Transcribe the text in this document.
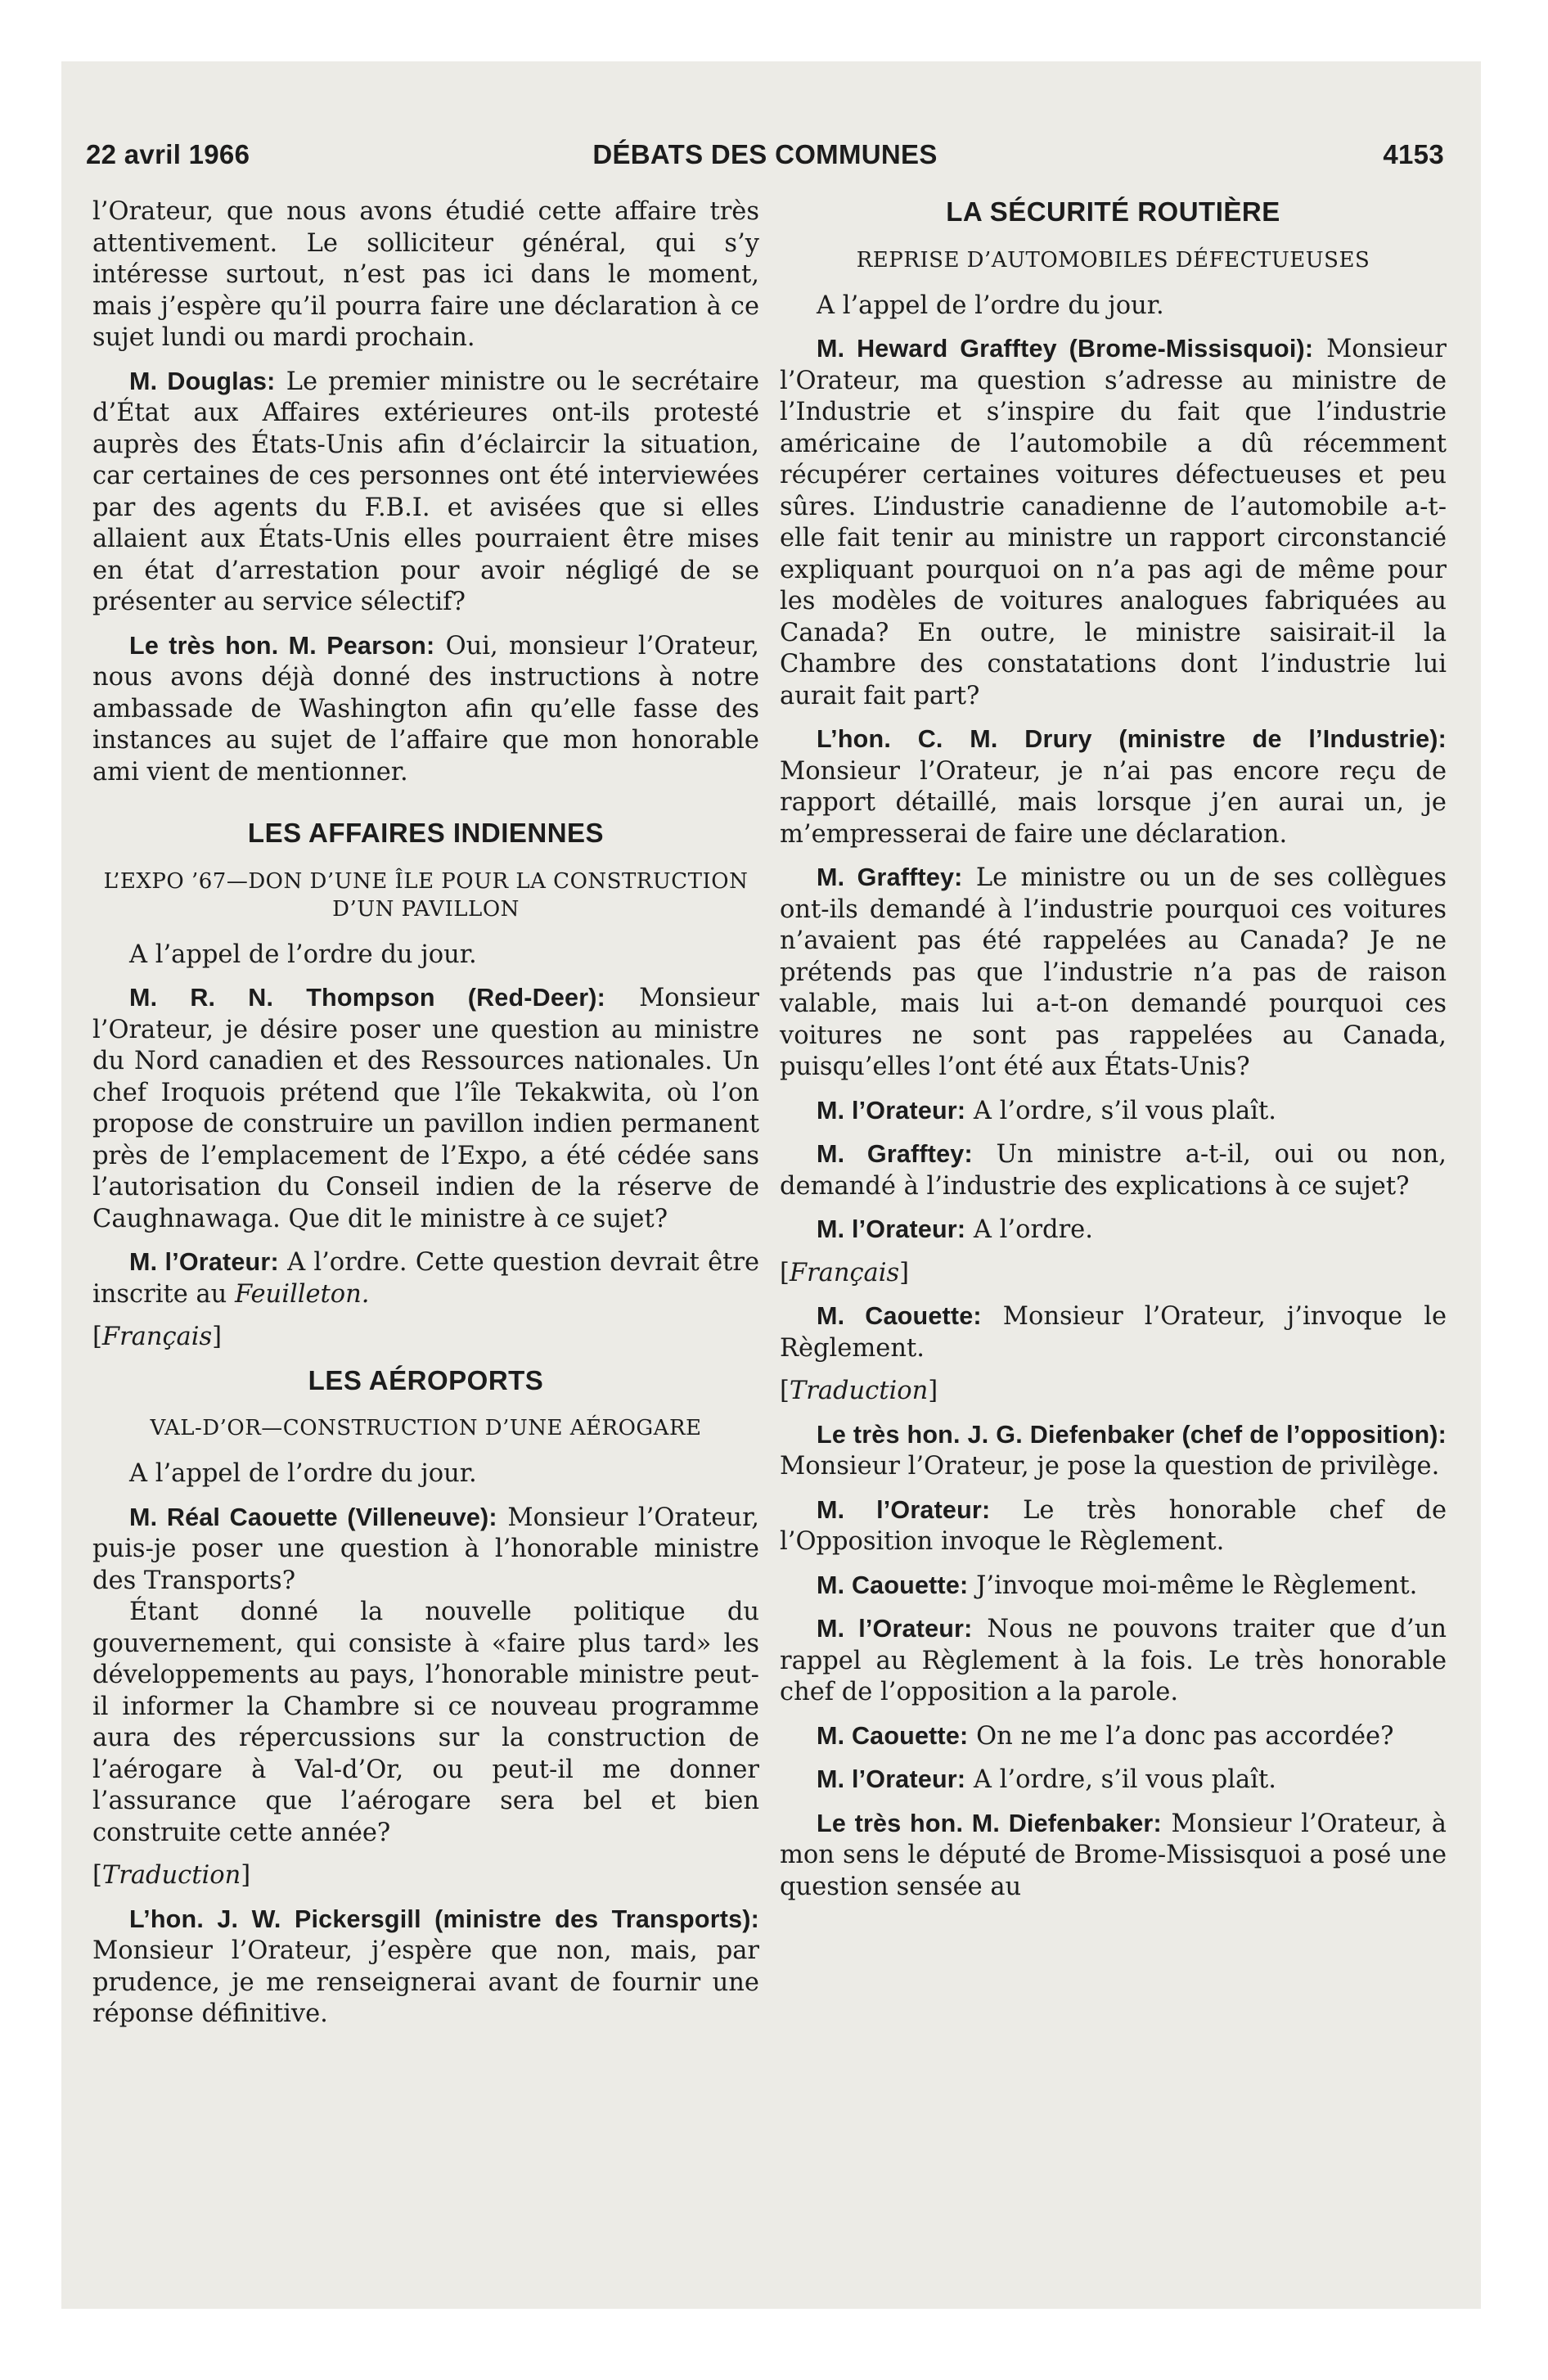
22 avril 1966	DÉBATS DES COMMUNES	4153

l’Orateur, que nous avons étudié cette affaire très attentivement. Le solliciteur général, qui s’y intéresse surtout, n’est pas ici dans le moment, mais j’espère qu’il pourra faire une déclaration à ce sujet lundi ou mardi prochain.

M. Douglas: Le premier ministre ou le secrétaire d’État aux Affaires extérieures ont-ils protesté auprès des États-Unis afin d’éclaircir la situation, car certaines de ces personnes ont été interviewées par des agents du F.B.I. et avisées que si elles allaient aux États-Unis elles pourraient être mises en état d’arrestation pour avoir négligé de se présenter au service sélectif?

Le très hon. M. Pearson: Oui, monsieur l’Orateur, nous avons déjà donné des instructions à notre ambassade de Washington afin qu’elle fasse des instances au sujet de l’affaire que mon honorable ami vient de mentionner.

LES AFFAIRES INDIENNES
L’EXPO ’67—DON D’UNE ÎLE POUR LA CONSTRUCTION D’UN PAVILLON

A l’appel de l’ordre du jour.

M. R. N. Thompson (Red-Deer): Monsieur l’Orateur, je désire poser une question au ministre du Nord canadien et des Ressources nationales. Un chef Iroquois prétend que l’île Tekakwita, où l’on propose de construire un pavillon indien permanent près de l’emplacement de l’Expo, a été cédée sans l’autorisation du Conseil indien de la réserve de Caughnawaga. Que dit le ministre à ce sujet?

M. l’Orateur: A l’ordre. Cette question devrait être inscrite au Feuilleton.

[Français]

LES AÉROPORTS
VAL-D’OR—CONSTRUCTION D’UNE AÉROGARE

A l’appel de l’ordre du jour.

M. Réal Caouette (Villeneuve): Monsieur l’Orateur, puis-je poser une question à l’honorable ministre des Transports?

Étant donné la nouvelle politique du gouvernement, qui consiste à «faire plus tard» les développements au pays, l’honorable ministre peut-il informer la Chambre si ce nouveau programme aura des répercussions sur la construction de l’aérogare à Val-d’Or, ou peut-il me donner l’assurance que l’aérogare sera bel et bien construite cette année?

[Traduction]

L’hon. J. W. Pickersgill (ministre des Transports): Monsieur l’Orateur, j’espère que non, mais, par prudence, je me renseignerai avant de fournir une réponse définitive.

LA SÉCURITÉ ROUTIÈRE
REPRISE D’AUTOMOBILES DÉFECTUEUSES

A l’appel de l’ordre du jour.

M. Heward Grafftey (Brome-Missisquoi): Monsieur l’Orateur, ma question s’adresse au ministre de l’Industrie et s’inspire du fait que l’industrie américaine de l’automobile a dû récemment récupérer certaines voitures défectueuses et peu sûres. L’industrie canadienne de l’automobile a-t-elle fait tenir au ministre un rapport circonstancié expliquant pourquoi on n’a pas agi de même pour les modèles de voitures analogues fabriquées au Canada? En outre, le ministre saisirait-il la Chambre des constatations dont l’industrie lui aurait fait part?

L’hon. C. M. Drury (ministre de l’Industrie): Monsieur l’Orateur, je n’ai pas encore reçu de rapport détaillé, mais lorsque j’en aurai un, je m’empresserai de faire une déclaration.

M. Grafftey: Le ministre ou un de ses collègues ont-ils demandé à l’industrie pourquoi ces voitures n’avaient pas été rappelées au Canada? Je ne prétends pas que l’industrie n’a pas de raison valable, mais lui a-t-on demandé pourquoi ces voitures ne sont pas rappelées au Canada, puisqu’elles l’ont été aux États-Unis?

M. l’Orateur: A l’ordre, s’il vous plaît.

M. Grafftey: Un ministre a-t-il, oui ou non, demandé à l’industrie des explications à ce sujet?

M. l’Orateur: A l’ordre.

[Français]

M. Caouette: Monsieur l’Orateur, j’invoque le Règlement.

[Traduction]

Le très hon. J. G. Diefenbaker (chef de l’opposition): Monsieur l’Orateur, je pose la question de privilège.

M. l’Orateur: Le très honorable chef de l’Opposition invoque le Règlement.

M. Caouette: J’invoque moi-même le Règlement.

M. l’Orateur: Nous ne pouvons traiter que d’un rappel au Règlement à la fois. Le très honorable chef de l’opposition a la parole.

M. Caouette: On ne me l’a donc pas accordée?

M. l’Orateur: A l’ordre, s’il vous plaît.

Le très hon. M. Diefenbaker: Monsieur l’Orateur, à mon sens le député de Brome-Missisquoi a posé une question sensée au
